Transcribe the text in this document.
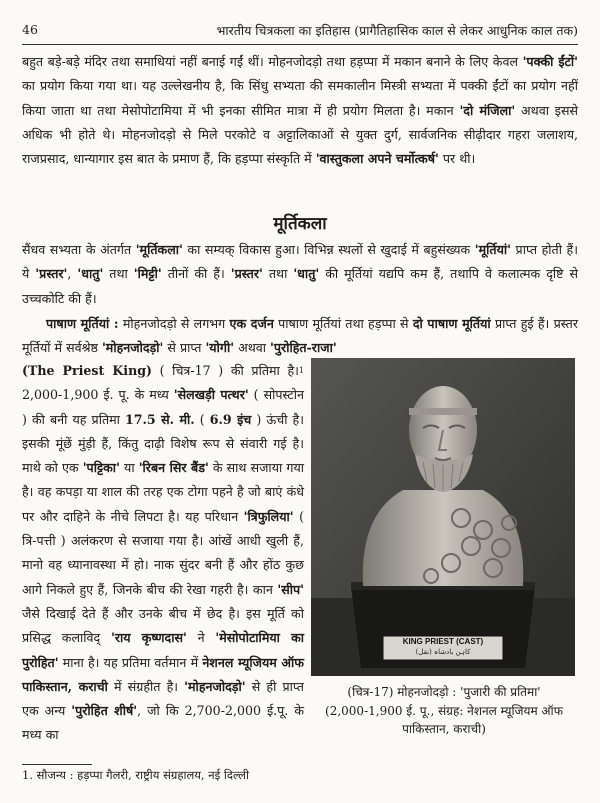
46	भारतीय चित्रकला का इतिहास (प्रागैतिहासिक काल से लेकर आधुनिक काल तक)

बहुत बड़े-बड़े मंदिर तथा समाधियां नहीं बनाई गईं थीं। मोहनजोदड़ो तथा हड़प्पा में मकान बनाने के लिए केवल 'पक्की ईंटों' का प्रयोग किया गया था। यह उल्लेखनीय है, कि सिंधु सभ्यता की समकालीन मिस्त्री सभ्यता में पक्की ईंटों का प्रयोग नहीं किया जाता था तथा मेसोपोटामिया में भी इनका सीमित मात्रा में ही प्रयोग मिलता है। मकान 'दो मंजिला' अथवा इससे अधिक भी होते थे। मोहनजोदड़ो से मिले परकोटे व अट्टालिकाओं से युक्त दुर्ग, सार्वजनिक सीढ़ीदार गहरा जलाशय, राजप्रसाद, धान्यागार इस बात के प्रमाण हैं, कि हड़प्पा संस्कृति में 'वास्तुकला अपने चर्मोत्कर्ष' पर थी।

मूर्तिकला

सैंधव सभ्यता के अंतर्गत 'मूर्तिकला' का सम्यक् विकास हुआ। विभिन्न स्थलों से खुदाई में बहुसंख्यक 'मूर्तियां' प्राप्त होती हैं। ये 'प्रस्तर', 'धातु' तथा 'मिट्टी' तीनों की हैं। 'प्रस्तर' तथा 'धातु' की मूर्तियां यद्यपि कम हैं, तथापि वे कलात्मक दृष्टि से उच्चकोटि की हैं।

पाषाण मूर्तियां : मोहनजोदड़ो से लगभग एक दर्जन पाषाण मूर्तियां तथा हड़प्पा से दो पाषाण मूर्तियां प्राप्त हुई हैं। प्रस्तर मूर्तियों में सर्वश्रेष्ठ 'मोहनजोदड़ो' से प्राप्त 'योगी' अथवा 'पुरोहित-राजा'

(The Priest King) ( चित्र-17 ) की प्रतिमा है।$^1$ 2,000-1,900 ई. पू. के मध्य 'सेलखड़ी पत्थर' ( सोपस्टोन ) की बनी यह प्रतिमा 17.5 से. मी. ( 6.9 इंच ) ऊंची है। इसकी मूंछें मुंड़ी हैं, किंतु दाढ़ी विशेष रूप से संवारी गई है। माथे को एक 'पट्टिका' या 'रिबन सिर बैंड' के साथ सजाया गया है। वह कपड़ा या शाल की तरह एक टोगा पहने है जो बाएं कंधे पर और दाहिने के नीचे लिपटा है। यह परिधान 'त्रिफुलिया' ( त्रि-पत्ती ) अलंकरण से सजाया गया है। आंखें आधी खुली हैं, मानो वह ध्यानावस्था में हो। नाक सुंदर बनी हैं और होंठ कुछ आगे निकले हुए हैं, जिनके बीच की रेखा गहरी है। कान 'सीप' जैसे दिखाई देते हैं और उनके बीच में छेद है। इस मूर्ति को प्रसिद्ध कलाविद् 'राय कृष्णदास' ने 'मेसोपोटामिया का पुरोहित' माना है। यह प्रतिमा वर्तमान में नेशनल म्यूजियम ऑफ पाकिस्तान, कराची में संग्रहीत है। 'मोहनजोदड़ो' से ही प्राप्त एक अन्य 'पुरोहित शीर्ष', जो कि 2,700-2,000 ई.पू. के मध्य का

KING PRIEST (CAST)
کاہن بادشاہ (نقل)
(चित्र-17) मोहनजोदड़ो : 'पुजारी की प्रतिमा'
(2,000-1,900 ई. पू., संग्रह: नेशनल म्यूजियम ऑफ पाकिस्तान, कराची)
1. सौजन्य : हड़प्पा गैलरी, राष्ट्रीय संग्रहालय, नई दिल्ली
